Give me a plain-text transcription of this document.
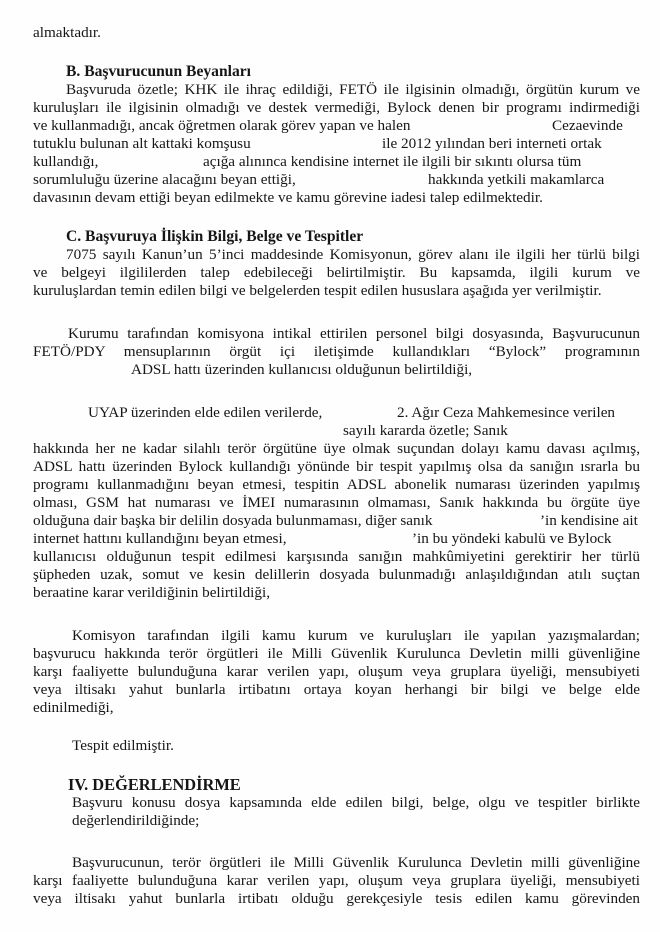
almaktadır.
B. Başvurucunun Beyanları
Başvuruda özetle; KHK ile ihraç edildiği, FETÖ ile ilgisinin olmadığı, örgütün kurum ve
kuruluşları ile ilgisinin olmadığı ve destek vermediği, Bylock denen bir programı indirmediği
ve kullanmadığı, ancak öğretmen olarak görev yapan ve halen	Cezaevinde
tutuklu bulunan alt kattaki komşusu	ile 2012 yılından beri interneti ortak
kullandığı,	açığa alınınca kendisine internet ile ilgili bir sıkıntı olursa tüm
sorumluluğu üzerine alacağını beyan ettiği,	hakkında yetkili makamlarca
davasının devam ettiği beyan edilmekte ve kamu görevine iadesi talep edilmektedir.
C. Başvuruya İlişkin Bilgi, Belge ve Tespitler
7075 sayılı Kanun’un 5’inci maddesinde Komisyonun, görev alanı ile ilgili her türlü bilgi
ve belgeyi ilgililerden talep edebileceği belirtilmiştir. Bu kapsamda, ilgili kurum ve
kuruluşlardan temin edilen bilgi ve belgelerden tespit edilen hususlara aşağıda yer verilmiştir.
Kurumu tarafından komisyona intikal ettirilen personel bilgi dosyasında, Başvurucunun
FETÖ/PDY mensuplarının örgüt içi iletişimde kullandıkları “Bylock” programının
ADSL hattı üzerinden kullanıcısı olduğunun belirtildiği,
UYAP üzerinden elde edilen verilerde,	2. Ağır Ceza Mahkemesince verilen
sayılı kararda özetle; Sanık
hakkında her ne kadar silahlı terör örgütüne üye olmak suçundan dolayı kamu davası açılmış,
ADSL hattı üzerinden Bylock kullandığı yönünde bir tespit yapılmış olsa da sanığın ısrarla bu
programı kullanmadığını beyan etmesi, tespitin ADSL abonelik numarası üzerinden yapılmış
olması, GSM hat numarası ve İMEI numarasının olmaması, Sanık hakkında bu örgüte üye
olduğuna dair başka bir delilin dosyada bulunmaması, diğer sanık	’in kendisine ait
internet hattını kullandığını beyan etmesi,	’in bu yöndeki kabulü ve Bylock
kullanıcısı olduğunun tespit edilmesi karşısında sanığın mahkûmiyetini gerektirir her türlü
şüpheden uzak, somut ve kesin delillerin dosyada bulunmadığı anlaşıldığından atılı suçtan
beraatine karar verildiğinin belirtildiği,
Komisyon tarafından ilgili kamu kurum ve kuruluşları ile yapılan yazışmalardan;
başvurucu hakkında terör örgütleri ile Milli Güvenlik Kurulunca Devletin milli güvenliğine
karşı faaliyette bulunduğuna karar verilen yapı, oluşum veya gruplara üyeliği, mensubiyeti
veya iltisakı yahut bunlarla irtibatını ortaya koyan herhangi bir bilgi ve belge elde
edinilmediği,
Tespit edilmiştir.
IV. DEĞERLENDİRME
Başvuru konusu dosya kapsamında elde edilen bilgi, belge, olgu ve tespitler birlikte
değerlendirildiğinde;
Başvurucunun, terör örgütleri ile Milli Güvenlik Kurulunca Devletin milli güvenliğine
karşı faaliyette bulunduğuna karar verilen yapı, oluşum veya gruplara üyeliği, mensubiyeti
veya iltisakı yahut bunlarla irtibatı olduğu gerekçesiyle tesis edilen kamu görevinden
